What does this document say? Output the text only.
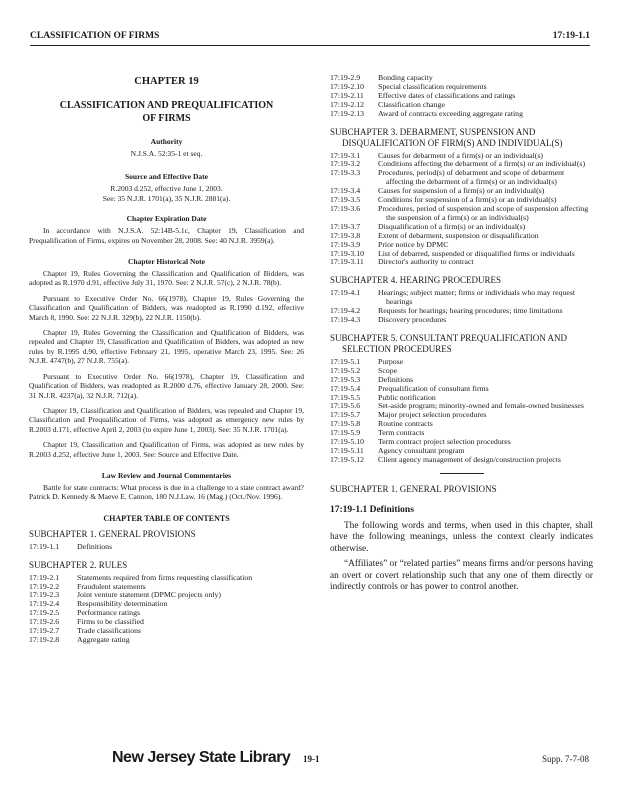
CLASSIFICATION OF FIRMS	17:19-1.1

CHAPTER 19

CLASSIFICATION AND PREQUALIFICATION
OF FIRMS

Authority

N.J.S.A. 52:35-1 et seq.

Source and Effective Date

R.2003 d.252, effective June 1, 2003.

See: 35 N.J.R. 1701(a), 35 N.J.R. 2881(a).

Chapter Expiration Date

In accordance with N.J.S.A. 52:14B-5.1c, Chapter 19, Classification and Prequalification of Firms, expires on November 28, 2008. See: 40 N.J.R. 3959(a).

Chapter Historical Note

Chapter 19, Rules Governing the Classification and Qualification of Bidders, was adopted as R.1970 d.91, effective July 31, 1970. See: 2 N.J.R. 57(c), 2 N.J.R. 78(b).

Pursuant to Executive Order No. 66(1978), Chapter 19, Rules Governing the Classification and Qualification of Bidders, was readopted as R.1990 d.192, effective March 8, 1990. See: 22 N.J.R. 329(b), 22 N.J.R. 1150(b).

Chapter 19, Rules Governing the Classification and Qualification of Bidders, was repealed and Chapter 19, Classification and Qualification of Bidders, was adopted as new rules by R.1995 d.90, effective February 21, 1995, operative March 23, 1995. See: 26 N.J.R. 4747(b), 27 N.J.R. 755(a).

Pursuant to Executive Order No. 66(1978), Chapter 19, Classification and Qualification of Bidders, was readopted as R.2000 d.76, effective January 28, 2000. See: 31 N.J.R. 4237(a), 32 N.J.R. 712(a).

Chapter 19, Classification and Qualification of Bidders, was repealed and Chapter 19, Classification and Prequalification of Firms, was adopted as emergency new rules by R.2003 d.171, effective April 2, 2003 (to expire June 1, 2003). See: 35 N.J.R. 1701(a).

Chapter 19, Classification and Qualification of Firms, was adopted as new rules by R.2003 d.252, effective June 1, 2003. See: Source and Effective Date.

Law Review and Journal Commentaries

Battle for state contracts: What process is due in a challenge to a state contract award? Patrick D. Kennedy & Maeve E. Cannon, 180 N.J.Law. 16 (Mag.) (Oct./Nov. 1996).

CHAPTER TABLE OF CONTENTS

SUBCHAPTER 1. GENERAL PROVISIONS

17:19-1.1	Definitions

SUBCHAPTER 2. RULES

17:19-2.1	Statements required from firms requesting classification
17:19-2.2	Fraudulent statements
17:19-2.3	Joint venture statement (DPMC projects only)
17:19-2.4	Responsibility determination
17:19-2.5	Performance ratings
17:19-2.6	Firms to be classified
17:19-2.7	Trade classifications
17:19-2.8	Aggregate rating
17:19-2.9	Bonding capacity
17:19-2.10	Special classification requirements
17:19-2.11	Effective dates of classifications and ratings
17:19-2.12	Classification change
17:19-2.13	Award of contracts exceeding aggregate rating

SUBCHAPTER 3. DEBARMENT, SUSPENSION AND DISQUALIFICATION OF FIRM(S) AND INDIVIDUAL(S)

17:19-3.1	Causes for debarment of a firm(s) or an individual(s)
17:19-3.2	Conditions affecting the debarment of a firm(s) or an individual(s)
17:19-3.3	Procedures, period(s) of debarment and scope of debarment affecting the debarment of a firm(s) or an individual(s)
17:19-3.4	Causes for suspension of a firm(s) or an individual(s)
17:19-3.5	Conditions for suspension of a firm(s) or an individual(s)
17:19-3.6	Procedures, period of suspension and scope of suspension affecting the suspension of a firm(s) or an individual(s)
17:19-3.7	Disqualification of a firm(s) or an individual(s)
17:19-3.8	Extent of debarment, suspension or disqualification
17:19-3.9	Prior notice by DPMC
17:19-3.10	List of debarred, suspended or disqualified firms or individuals
17:19-3.11	Director's authority to contract

SUBCHAPTER 4. HEARING PROCEDURES

17:19-4.1	Hearings; subject matter; firms or individuals who may request hearings
17:19-4.2	Requests for hearings; hearing procedures; time limitations
17:19-4.3	Discovery procedures

SUBCHAPTER 5. CONSULTANT PREQUALIFICATION AND SELECTION PROCEDURES

17:19-5.1	Purpose
17:19-5.2	Scope
17:19-5.3	Definitions
17:19-5.4	Prequalification of consultant firms
17:19-5.5	Public notification
17:19-5.6	Set-aside program; minority-owned and female-owned businesses
17:19-5.7	Major project selection procedures
17:19-5.8	Routine contracts
17:19-5.9	Term contracts
17:19-5.10	Term contract project selection procedures
17:19-5.11	Agency consultant program
17:19-5.12	Client agency management of design/construction projects

SUBCHAPTER 1. GENERAL PROVISIONS

17:19-1.1 Definitions

The following words and terms, when used in this chapter, shall have the following meanings, unless the context clearly indicates otherwise.

“Affiliates” or “related parties” means firms and/or persons having an overt or covert relationship such that any one of them directly or indirectly controls or has power to control another.

New Jersey State Library 19-1	Supp. 7-7-08
